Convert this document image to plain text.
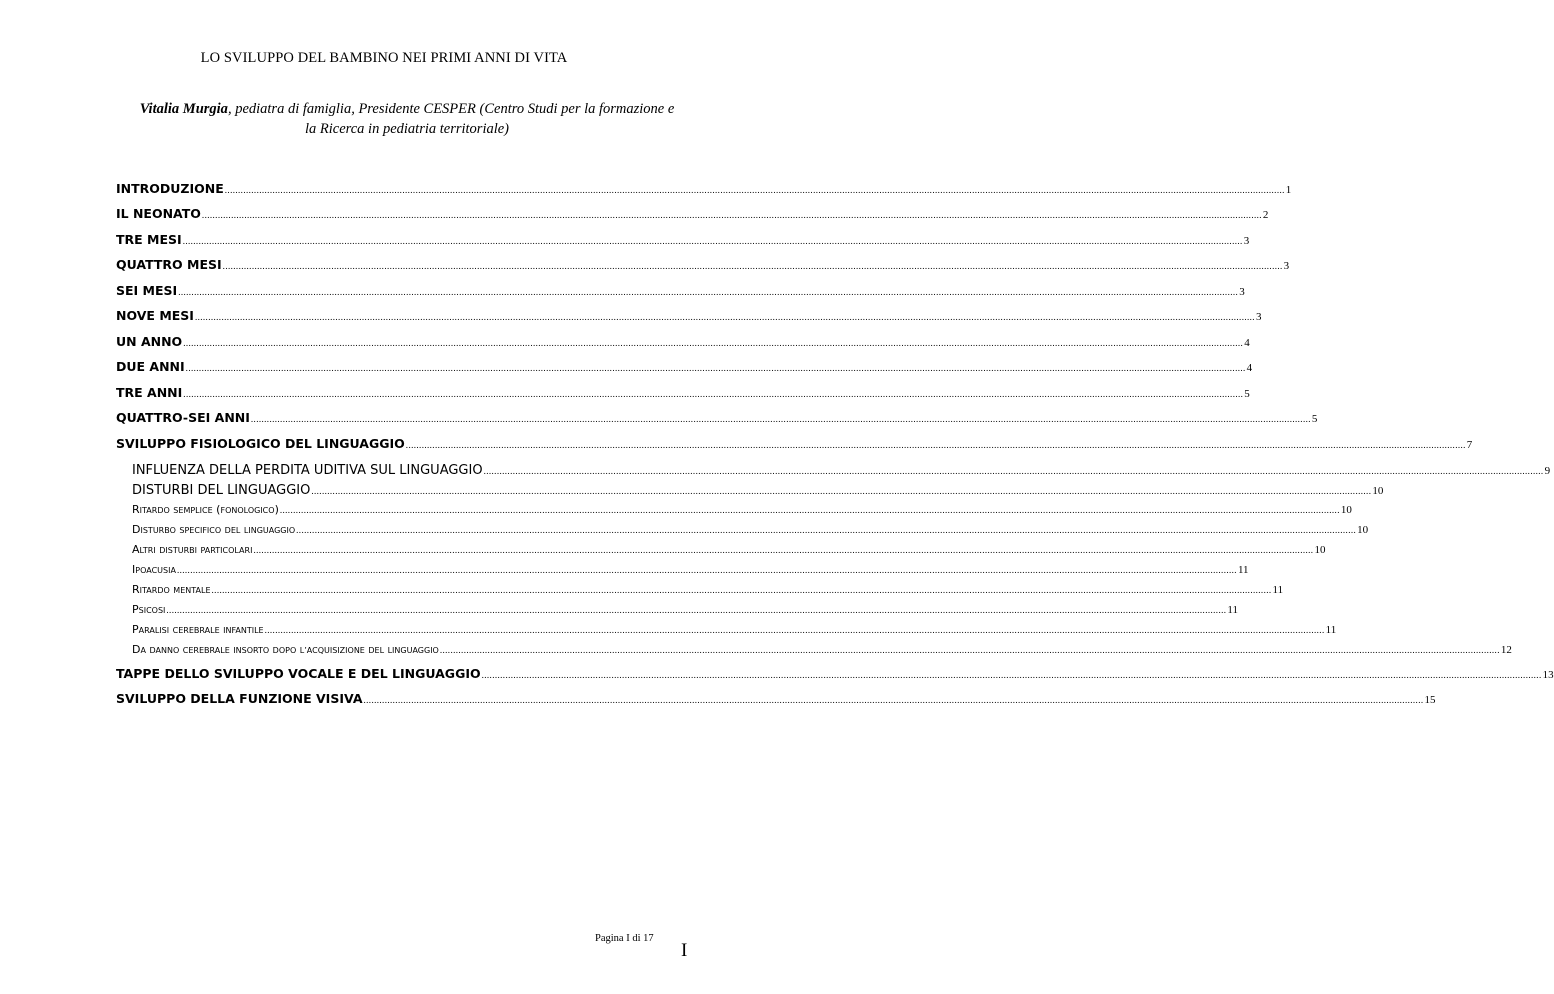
LO SVILUPPO DEL BAMBINO NEI PRIMI ANNI DI VITA
Vitalia Murgia, pediatra di famiglia, Presidente CESPER (Centro Studi per la formazione e
la Ricerca in pediatria territoriale)
INTRODUZIONE ................................................................................................................................................................................................................................................................................................................................................................................................................ 1
IL NEONATO ................................................................................................................................................................................................................................................................................................................................................................................................................ 2
TRE MESI ................................................................................................................................................................................................................................................................................................................................................................................................................ 3
QUATTRO MESI ................................................................................................................................................................................................................................................................................................................................................................................................................ 3
SEI MESI ................................................................................................................................................................................................................................................................................................................................................................................................................ 3
NOVE MESI ................................................................................................................................................................................................................................................................................................................................................................................................................ 3
UN ANNO ................................................................................................................................................................................................................................................................................................................................................................................................................ 4
DUE ANNI ................................................................................................................................................................................................................................................................................................................................................................................................................ 4
TRE ANNI ................................................................................................................................................................................................................................................................................................................................................................................................................ 5
QUATTRO-SEI ANNI ................................................................................................................................................................................................................................................................................................................................................................................................................ 5
SVILUPPO FISIOLOGICO DEL LINGUAGGIO ................................................................................................................................................................................................................................................................................................................................................................................................................ 7
INFLUENZA DELLA PERDITA UDITIVA SUL LINGUAGGIO ................................................................................................................................................................................................................................................................................................................................................................................................................ 9
DISTURBI DEL LINGUAGGIO ................................................................................................................................................................................................................................................................................................................................................................................................................ 10
RITARDO SEMPLICE (FONOLOGICO) ................................................................................................................................................................................................................................................................................................................................................................................................................ 10
DISTURBO SPECIFICO DEL LINGUAGGIO ................................................................................................................................................................................................................................................................................................................................................................................................................ 10
ALTRI DISTURBI PARTICOLARI ................................................................................................................................................................................................................................................................................................................................................................................................................ 10
IPOACUSIA ................................................................................................................................................................................................................................................................................................................................................................................................................ 11
RITARDO MENTALE ................................................................................................................................................................................................................................................................................................................................................................................................................ 11
PSICOSI ................................................................................................................................................................................................................................................................................................................................................................................................................ 11
PARALISI CEREBRALE INFANTILE ................................................................................................................................................................................................................................................................................................................................................................................................................ 11
DA DANNO CEREBRALE INSORTO DOPO L’ACQUISIZIONE DEL LINGUAGGIO ................................................................................................................................................................................................................................................................................................................................................................................................................ 12
TAPPE DELLO SVILUPPO VOCALE E DEL LINGUAGGIO ................................................................................................................................................................................................................................................................................................................................................................................................................ 13
SVILUPPO DELLA FUNZIONE VISIVA ................................................................................................................................................................................................................................................................................................................................................................................................................ 15
Pagina I di 17
I
